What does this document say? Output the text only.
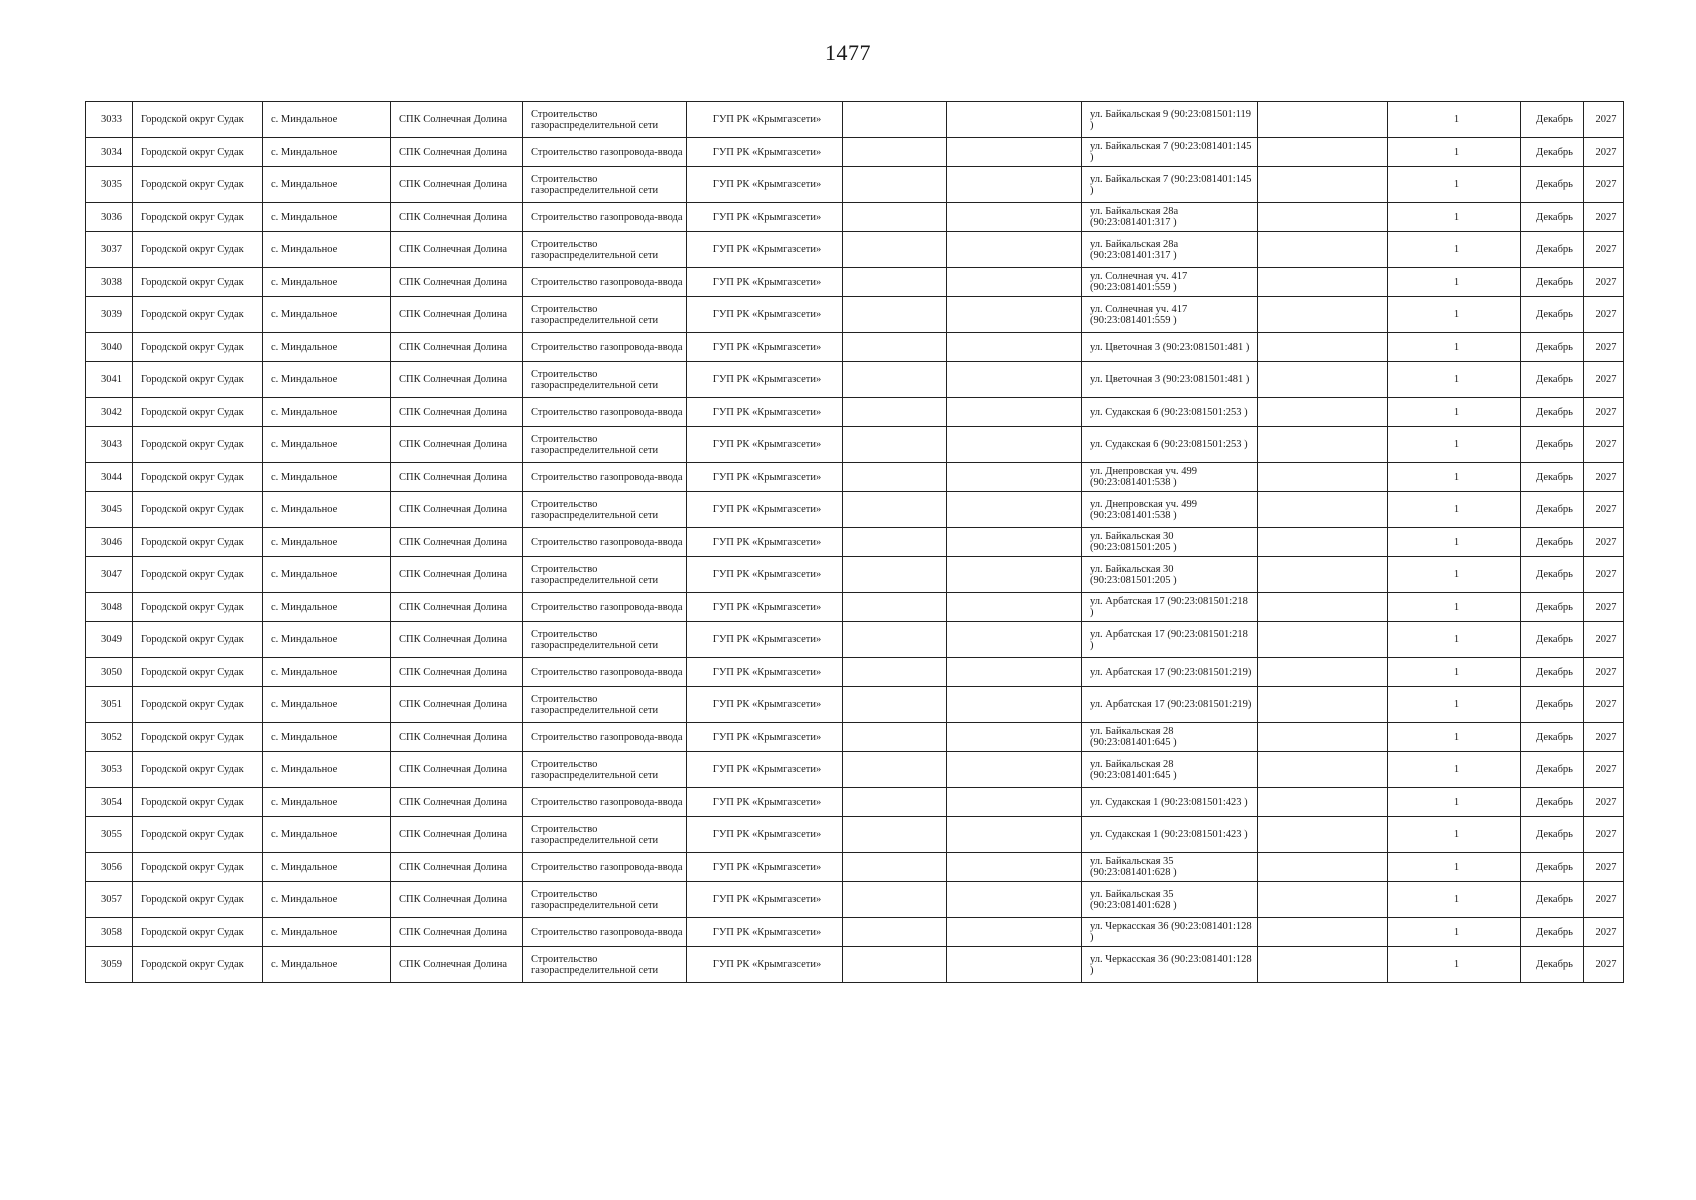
1477
3033	Городской округ Судак	с. Миндальное	СПК Солнечная Долина	Строительство газораспределительной сети	ГУП РК «Крымгазсети»			ул. Байкальская 9 (90:23:081501:119 )		1	Декабрь	2027
3034	Городской округ Судак	с. Миндальное	СПК Солнечная Долина	Строительство газопровода-ввода	ГУП РК «Крымгазсети»			ул. Байкальская 7 (90:23:081401:145 )		1	Декабрь	2027
3035	Городской округ Судак	с. Миндальное	СПК Солнечная Долина	Строительство газораспределительной сети	ГУП РК «Крымгазсети»			ул. Байкальская 7 (90:23:081401:145 )		1	Декабрь	2027
3036	Городской округ Судак	с. Миндальное	СПК Солнечная Долина	Строительство газопровода-ввода	ГУП РК «Крымгазсети»			ул. Байкальская 28а (90:23:081401:317 )		1	Декабрь	2027
3037	Городской округ Судак	с. Миндальное	СПК Солнечная Долина	Строительство газораспределительной сети	ГУП РК «Крымгазсети»			ул. Байкальская 28а (90:23:081401:317 )		1	Декабрь	2027
3038	Городской округ Судак	с. Миндальное	СПК Солнечная Долина	Строительство газопровода-ввода	ГУП РК «Крымгазсети»			ул. Солнечная уч. 417 (90:23:081401:559 )		1	Декабрь	2027
3039	Городской округ Судак	с. Миндальное	СПК Солнечная Долина	Строительство газораспределительной сети	ГУП РК «Крымгазсети»			ул. Солнечная уч. 417 (90:23:081401:559 )		1	Декабрь	2027
3040	Городской округ Судак	с. Миндальное	СПК Солнечная Долина	Строительство газопровода-ввода	ГУП РК «Крымгазсети»			ул. Цветочная 3 (90:23:081501:481 )		1	Декабрь	2027
3041	Городской округ Судак	с. Миндальное	СПК Солнечная Долина	Строительство газораспределительной сети	ГУП РК «Крымгазсети»			ул. Цветочная 3 (90:23:081501:481 )		1	Декабрь	2027
3042	Городской округ Судак	с. Миндальное	СПК Солнечная Долина	Строительство газопровода-ввода	ГУП РК «Крымгазсети»			ул. Судакская 6 (90:23:081501:253 )		1	Декабрь	2027
3043	Городской округ Судак	с. Миндальное	СПК Солнечная Долина	Строительство газораспределительной сети	ГУП РК «Крымгазсети»			ул. Судакская 6 (90:23:081501:253 )		1	Декабрь	2027
3044	Городской округ Судак	с. Миндальное	СПК Солнечная Долина	Строительство газопровода-ввода	ГУП РК «Крымгазсети»			ул. Днепровская уч. 499 (90:23:081401:538 )		1	Декабрь	2027
3045	Городской округ Судак	с. Миндальное	СПК Солнечная Долина	Строительство газораспределительной сети	ГУП РК «Крымгазсети»			ул. Днепровская уч. 499 (90:23:081401:538 )		1	Декабрь	2027
3046	Городской округ Судак	с. Миндальное	СПК Солнечная Долина	Строительство газопровода-ввода	ГУП РК «Крымгазсети»			ул. Байкальская 30 (90:23:081501:205 )		1	Декабрь	2027
3047	Городской округ Судак	с. Миндальное	СПК Солнечная Долина	Строительство газораспределительной сети	ГУП РК «Крымгазсети»			ул. Байкальская 30 (90:23:081501:205 )		1	Декабрь	2027
3048	Городской округ Судак	с. Миндальное	СПК Солнечная Долина	Строительство газопровода-ввода	ГУП РК «Крымгазсети»			ул. Арбатская 17 (90:23:081501:218 )		1	Декабрь	2027
3049	Городской округ Судак	с. Миндальное	СПК Солнечная Долина	Строительство газораспределительной сети	ГУП РК «Крымгазсети»			ул. Арбатская 17 (90:23:081501:218 )		1	Декабрь	2027
3050	Городской округ Судак	с. Миндальное	СПК Солнечная Долина	Строительство газопровода-ввода	ГУП РК «Крымгазсети»			ул. Арбатская 17 (90:23:081501:219)		1	Декабрь	2027
3051	Городской округ Судак	с. Миндальное	СПК Солнечная Долина	Строительство газораспределительной сети	ГУП РК «Крымгазсети»			ул. Арбатская 17 (90:23:081501:219)		1	Декабрь	2027
3052	Городской округ Судак	с. Миндальное	СПК Солнечная Долина	Строительство газопровода-ввода	ГУП РК «Крымгазсети»			ул. Байкальская 28 (90:23:081401:645 )		1	Декабрь	2027
3053	Городской округ Судак	с. Миндальное	СПК Солнечная Долина	Строительство газораспределительной сети	ГУП РК «Крымгазсети»			ул. Байкальская 28 (90:23:081401:645 )		1	Декабрь	2027
3054	Городской округ Судак	с. Миндальное	СПК Солнечная Долина	Строительство газопровода-ввода	ГУП РК «Крымгазсети»			ул. Судакская 1 (90:23:081501:423 )		1	Декабрь	2027
3055	Городской округ Судак	с. Миндальное	СПК Солнечная Долина	Строительство газораспределительной сети	ГУП РК «Крымгазсети»			ул. Судакская 1 (90:23:081501:423 )		1	Декабрь	2027
3056	Городской округ Судак	с. Миндальное	СПК Солнечная Долина	Строительство газопровода-ввода	ГУП РК «Крымгазсети»			ул. Байкальская 35 (90:23:081401:628 )		1	Декабрь	2027
3057	Городской округ Судак	с. Миндальное	СПК Солнечная Долина	Строительство газораспределительной сети	ГУП РК «Крымгазсети»			ул. Байкальская 35 (90:23:081401:628 )		1	Декабрь	2027
3058	Городской округ Судак	с. Миндальное	СПК Солнечная Долина	Строительство газопровода-ввода	ГУП РК «Крымгазсети»			ул. Черкасская 36 (90:23:081401:128 )		1	Декабрь	2027
3059	Городской округ Судак	с. Миндальное	СПК Солнечная Долина	Строительство газораспределительной сети	ГУП РК «Крымгазсети»			ул. Черкасская 36 (90:23:081401:128 )		1	Декабрь	2027
